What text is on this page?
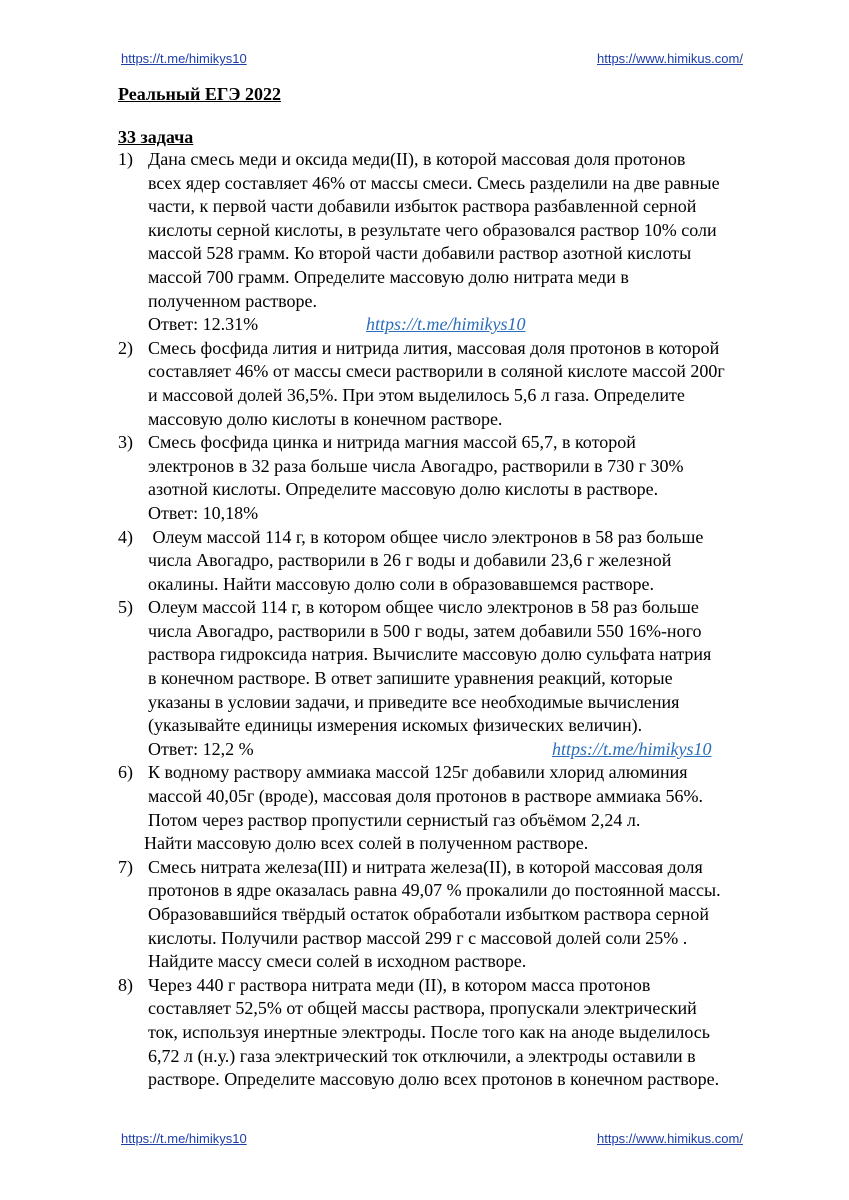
https://t.me/himikys10	https://www.himikus.com/
Реальный ЕГЭ 2022
33 задача
1) Дана смесь меди и оксида меди(II), в которой массовая доля протонов
всех ядер составляет 46% от массы смеси. Смесь разделили на две равные
части, к первой части добавили избыток раствора разбавленной серной
кислоты серной кислоты, в результате чего образовался раствор 10% соли
массой 528 грамм. Ко второй части добавили раствор азотной кислоты
массой 700 грамм. Определите массовую долю нитрата меди в
полученном растворе.
Ответ: 12.31%	https://t.me/himikys10
2) Смесь фосфида лития и нитрида лития, массовая доля протонов в которой
составляет 46% от массы смеси растворили в соляной кислоте массой 200г
и массовой долей 36,5%. При этом выделилось 5,6 л газа. Определите
массовую долю кислоты в конечном растворе.
3) Смесь фосфида цинка и нитрида магния массой 65,7, в которой
электронов в 32 раза больше числа Авогадро, растворили в 730 г 30%
азотной кислоты. Определите массовую долю кислоты в растворе.
Ответ: 10,18%
4) Олеум массой 114 г, в котором общее число электронов в 58 раз больше
числа Авогадро, растворили в 26 г воды и добавили 23,6 г железной
окалины. Найти массовую долю соли в образовавшемся растворе.
5) Олеум массой 114 г, в котором общее число электронов в 58 раз больше
числа Авогадро, растворили в 500 г воды, затем добавили 550 16%-ного
раствора гидроксида натрия. Вычислите массовую долю сульфата натрия
в конечном растворе. В ответ запишите уравнения реакций, которые
указаны в условии задачи, и приведите все необходимые вычисления
(указывайте единицы измерения искомых физических величин).
Ответ: 12,2 %	https://t.me/himikys10
6) К водному раствору аммиака массой 125г добавили хлорид алюминия
массой 40,05г (вроде), массовая доля протонов в растворе аммиака 56%.
Потом через раствор пропустили сернистый газ объёмом 2,24 л.
Найти массовую долю всех солей в полученном растворе.
7) Смесь нитрата железа(III) и нитрата железа(II), в которой массовая доля
протонов в ядре оказалась равна 49,07 % прокалили до постоянной массы.
Образовавшийся твёрдый остаток обработали избытком раствора серной
кислоты. Получили раствор массой 299 г с массовой долей соли 25% .
Найдите массу смеси солей в исходном растворе.
8) Через 440 г раствора нитрата меди (II), в котором масса протонов
составляет 52,5% от общей массы раствора, пропускали электрический
ток, используя инертные электроды. После того как на аноде выделилось
6,72 л (н.у.) газа электрический ток отключили, а электроды оставили в
растворе. Определите массовую долю всех протонов в конечном растворе.
https://t.me/himikys10	https://www.himikus.com/
